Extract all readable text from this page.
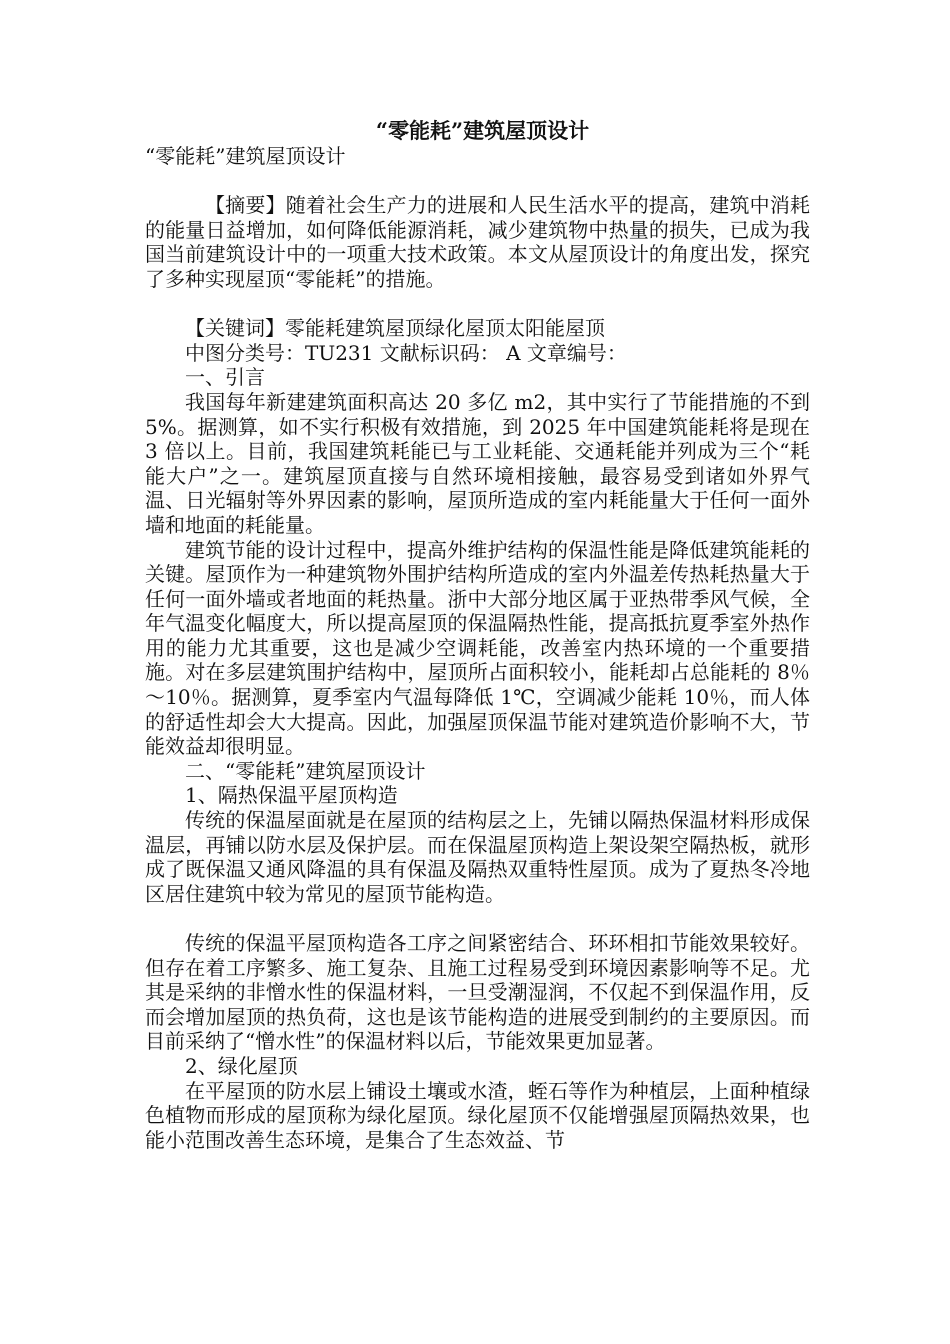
“零能耗”建筑屋顶设计

“零能耗”建筑屋顶设计

【摘要】随着社会生产力的进展和人民生活水平的提高，建筑中消耗的能量日益增加，如何降低能源消耗，减少建筑物中热量的损失，已成为我国当前建筑设计中的一项重大技术政策。本文从屋顶设计的角度出发，探究了多种实现屋顶“零能耗”的措施。

【关键词】零能耗建筑屋顶绿化屋顶太阳能屋顶

中图分类号：TU231 文献标识码： A 文章编号：

一、引言

我国每年新建建筑面积高达 20 多亿 m2，其中实行了节能措施的不到 5%。据测算，如不实行积极有效措施，到 2025 年中国建筑能耗将是现在 3 倍以上。目前，我国建筑耗能已与工业耗能、交通耗能并列成为三个“耗能大户”之一。建筑屋顶直接与自然环境相接触，最容易受到诸如外界气温、日光辐射等外界因素的影响，屋顶所造成的室内耗能量大于任何一面外墙和地面的耗能量。

建筑节能的设计过程中，提高外维护结构的保温性能是降低建筑能耗的关键。屋顶作为一种建筑物外围护结构所造成的室内外温差传热耗热量大于任何一面外墙或者地面的耗热量。浙中大部分地区属于亚热带季风气候，全年气温变化幅度大，所以提高屋顶的保温隔热性能，提高抵抗夏季室外热作用的能力尤其重要，这也是减少空调耗能，改善室内热环境的一个重要措施。对在多层建筑围护结构中，屋顶所占面积较小，能耗却占总能耗的 8％～10％。据测算，夏季室内气温每降低 1℃，空调减少能耗 10％，而人体的舒适性却会大大提高。因此，加强屋顶保温节能对建筑造价影响不大，节能效益却很明显。

二、“零能耗”建筑屋顶设计

1、隔热保温平屋顶构造

传统的保温屋面就是在屋顶的结构层之上，先铺以隔热保温材料形成保温层，再铺以防水层及保护层。而在保温屋顶构造上架设架空隔热板，就形成了既保温又通风降温的具有保温及隔热双重特性屋顶。成为了夏热冬冷地区居住建筑中较为常见的屋顶节能构造。

传统的保温平屋顶构造各工序之间紧密结合、环环相扣节能效果较好。但存在着工序繁多、施工复杂、且施工过程易受到环境因素影响等不足。尤其是采纳的非憎水性的保温材料，一旦受潮湿润，不仅起不到保温作用，反而会增加屋顶的热负荷，这也是该节能构造的进展受到制约的主要原因。而目前采纳了“憎水性”的保温材料以后，节能效果更加显著。

2、绿化屋顶

在平屋顶的防水层上铺设土壤或水渣，蛭石等作为种植层，上面种植绿色植物而形成的屋顶称为绿化屋顶。绿化屋顶不仅能增强屋顶隔热效果，也能小范围改善生态环境，是集合了生态效益、节
